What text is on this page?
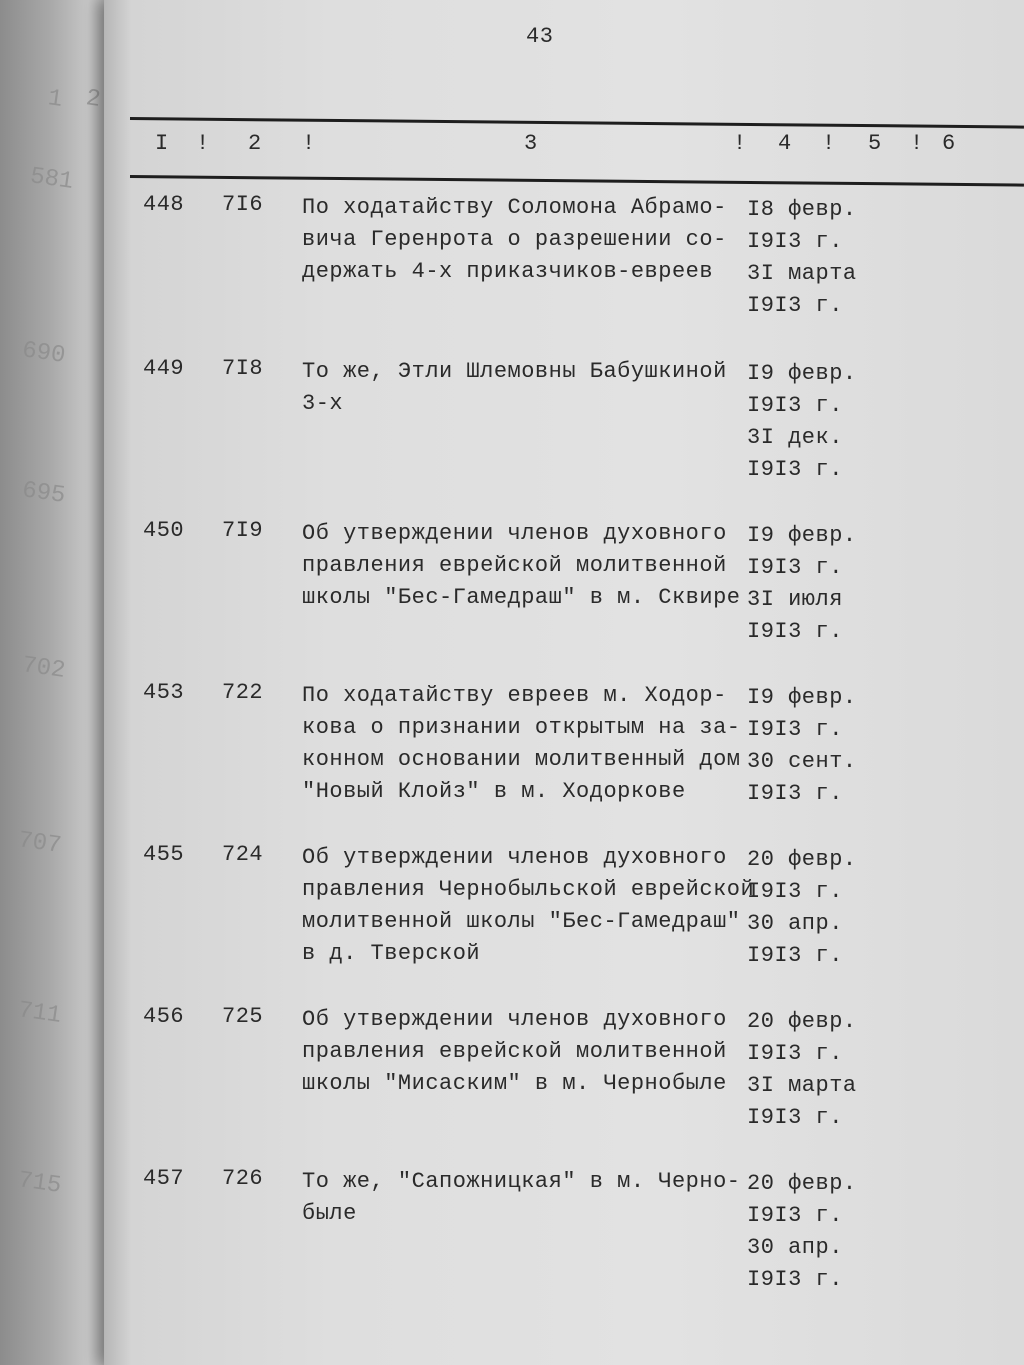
1 2
581
690
695
702
707
711
715
43
I ! 2 !	3	! 4 ! 5 ! 6
448 7I6 По ходатайству Соломона Абрамо-
вича Геренрота о разрешении со-
держать 4-х приказчиков-евреев
I8 февр.
I9I3 г.
3I марта
I9I3 г.
449 7I8 То же, Этли Шлемовны Бабушкиной
3-х
I9 февр.
I9I3 г.
3I дек.
I9I3 г.
450 7I9 Об утверждении членов духовного
правления еврейской молитвенной
школы "Бес-Гамедраш" в м. Сквире
I9 февр.
I9I3 г.
3I июля
I9I3 г.
453 722 По ходатайству евреев м. Ходор-
кова о признании открытым на за-
конном основании молитвенный дом
"Новый Клойз" в м. Ходоркове
I9 февр.
I9I3 г.
30 сент.
I9I3 г.
455 724 Об утверждении членов духовного
правления Чернобыльской еврейской
молитвенной школы "Бес-Гамедраш"
в д. Тверской
20 февр.
I9I3 г.
30 апр.
I9I3 г.
456 725 Об утверждении членов духовного
правления еврейской молитвенной
школы "Мисаским" в м. Чернобыле
20 февр.
I9I3 г.
3I марта
I9I3 г.
457 726 То же, "Сапожницкая" в м. Черно-
быле
20 февр.
I9I3 г.
30 апр.
I9I3 г.
